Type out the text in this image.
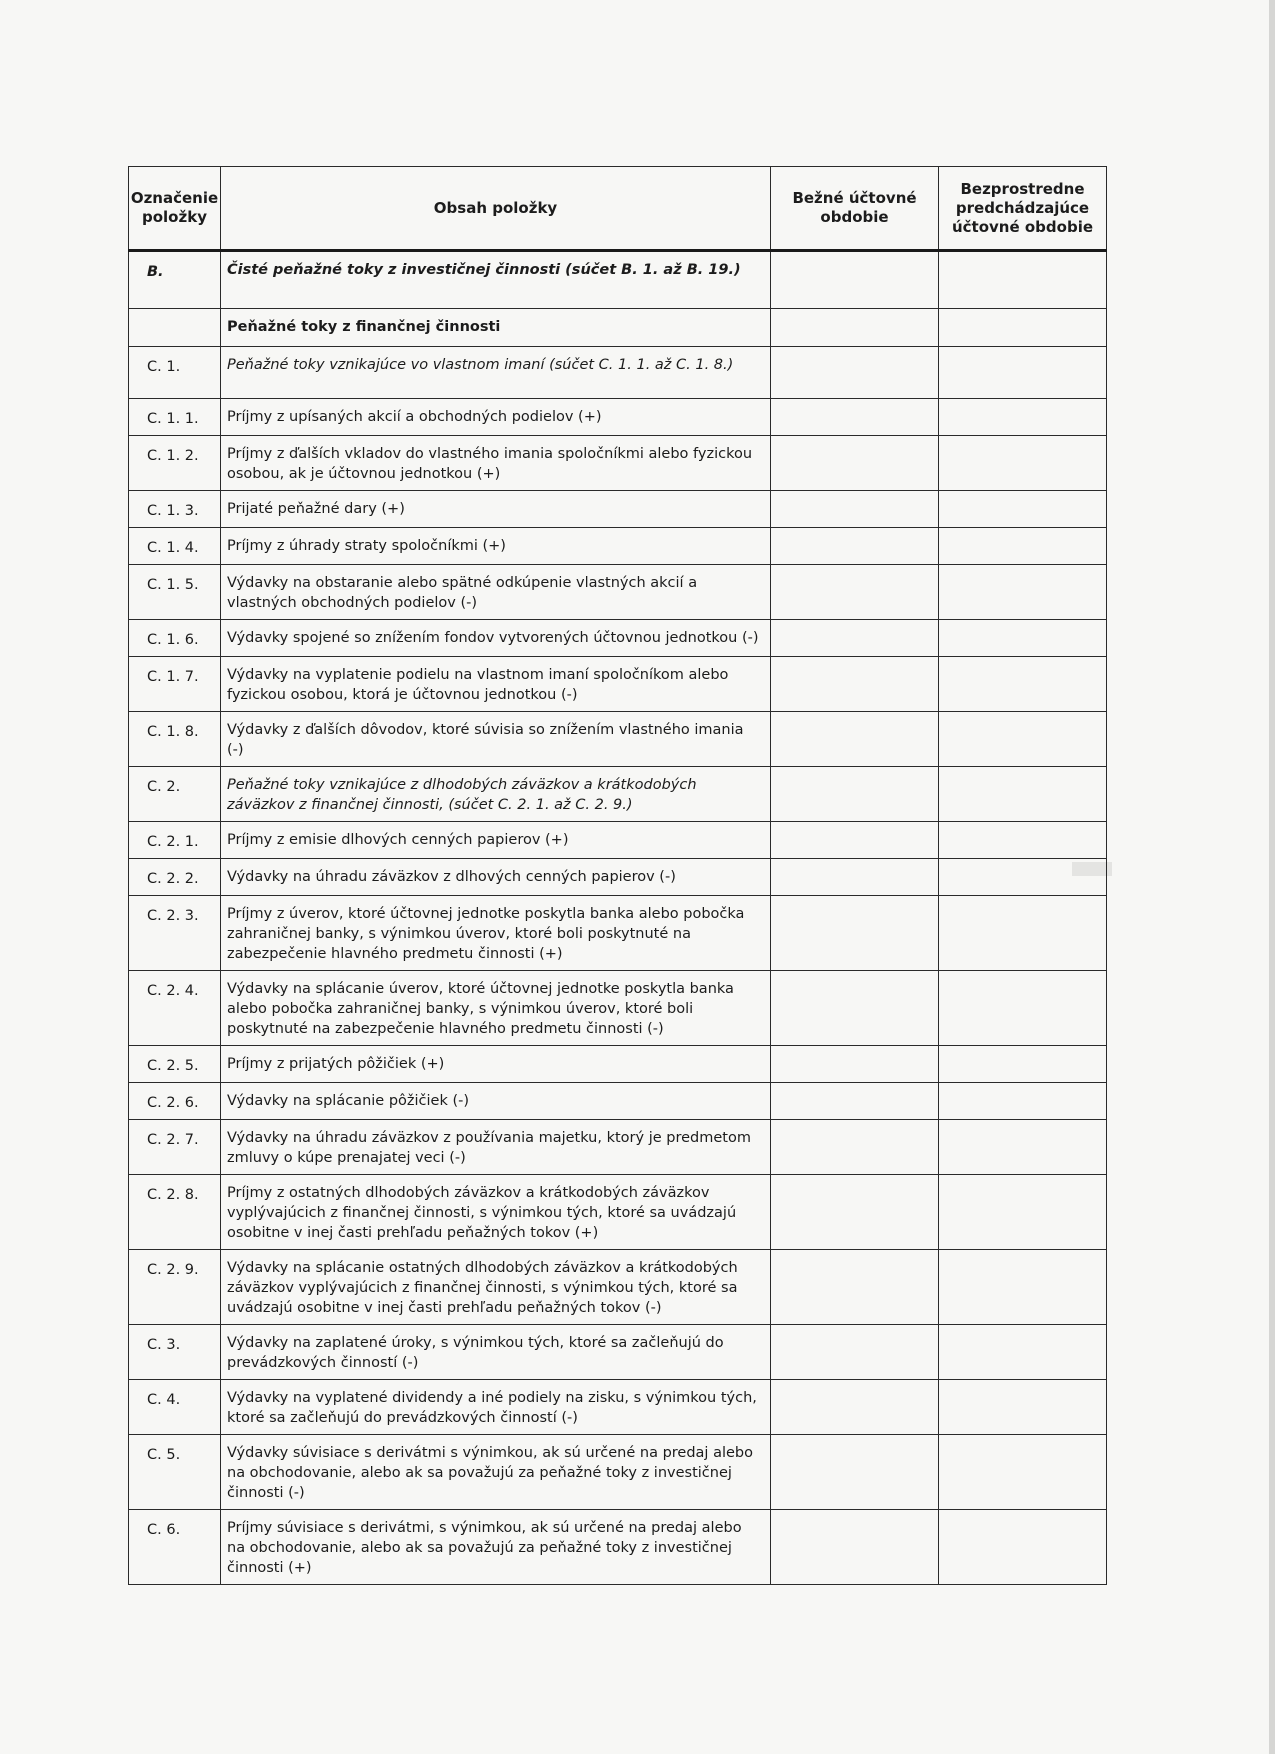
Označenie položky	Obsah položky	Bežné účtovné obdobie	Bezprostredne predchádzajúce účtovné obdobie
B.	Čisté peňažné toky z investičnej činnosti (súčet B. 1. až B. 19.)		
	Peňažné toky z finančnej činnosti		
C. 1.	Peňažné toky vznikajúce vo vlastnom imaní (súčet C. 1. 1. až C. 1. 8.)		
C. 1. 1.	Príjmy z upísaných akcií a obchodných podielov (+)		
C. 1. 2.	Príjmy z ďalších vkladov do vlastného imania spoločníkmi alebo fyzickou osobou, ak je účtovnou jednotkou (+)		
C. 1. 3.	Prijaté peňažné dary (+)		
C. 1. 4.	Príjmy z úhrady straty spoločníkmi (+)		
C. 1. 5.	Výdavky na obstaranie alebo spätné odkúpenie vlastných akcií a vlastných obchodných podielov (-)		
C. 1. 6.	Výdavky spojené so znížením fondov vytvorených účtovnou jednotkou (-)		
C. 1. 7.	Výdavky na vyplatenie podielu na vlastnom imaní spoločníkom alebo fyzickou osobou, ktorá je účtovnou jednotkou (-)		
C. 1. 8.	Výdavky z ďalších dôvodov, ktoré súvisia so znížením vlastného imania (-)		
C. 2.	Peňažné toky vznikajúce z dlhodobých záväzkov a krátkodobých záväzkov z finančnej činnosti, (súčet C. 2. 1. až C. 2. 9.)		
C. 2. 1.	Príjmy z emisie dlhových cenných papierov (+)		
C. 2. 2.	Výdavky na úhradu záväzkov z dlhových cenných papierov (-)		
C. 2. 3.	Príjmy z úverov, ktoré účtovnej jednotke poskytla banka alebo pobočka zahraničnej banky, s výnimkou úverov, ktoré boli poskytnuté na zabezpečenie hlavného predmetu činnosti (+)		
C. 2. 4.	Výdavky na splácanie úverov, ktoré účtovnej jednotke poskytla banka alebo pobočka zahraničnej banky, s výnimkou úverov, ktoré boli poskytnuté na zabezpečenie hlavného predmetu činnosti (-)		
C. 2. 5.	Príjmy z prijatých pôžičiek (+)		
C. 2. 6.	Výdavky na splácanie pôžičiek (-)		
C. 2. 7.	Výdavky na úhradu záväzkov z používania majetku, ktorý je predmetom zmluvy o kúpe prenajatej veci (-)		
C. 2. 8.	Príjmy z ostatných dlhodobých záväzkov a krátkodobých záväzkov vyplývajúcich z finančnej činnosti, s výnimkou tých, ktoré sa uvádzajú osobitne v inej časti prehľadu peňažných tokov (+)		
C. 2. 9.	Výdavky na splácanie ostatných dlhodobých záväzkov a krátkodobých záväzkov vyplývajúcich z finančnej činnosti, s výnimkou tých, ktoré sa uvádzajú osobitne v inej časti prehľadu peňažných tokov (-)		
C. 3.	Výdavky na zaplatené úroky, s výnimkou tých, ktoré sa začleňujú do prevádzkových činností (-)		
C. 4.	Výdavky na vyplatené dividendy a iné podiely na zisku, s výnimkou tých, ktoré sa začleňujú do prevádzkových činností (-)		
C. 5.	Výdavky súvisiace s derivátmi s výnimkou, ak sú určené na predaj alebo na obchodovanie, alebo ak sa považujú za peňažné toky z investičnej činnosti (-)		
C. 6.	Príjmy súvisiace s derivátmi, s výnimkou, ak sú určené na predaj alebo na obchodovanie, alebo ak sa považujú za peňažné toky z investičnej činnosti (+)		
